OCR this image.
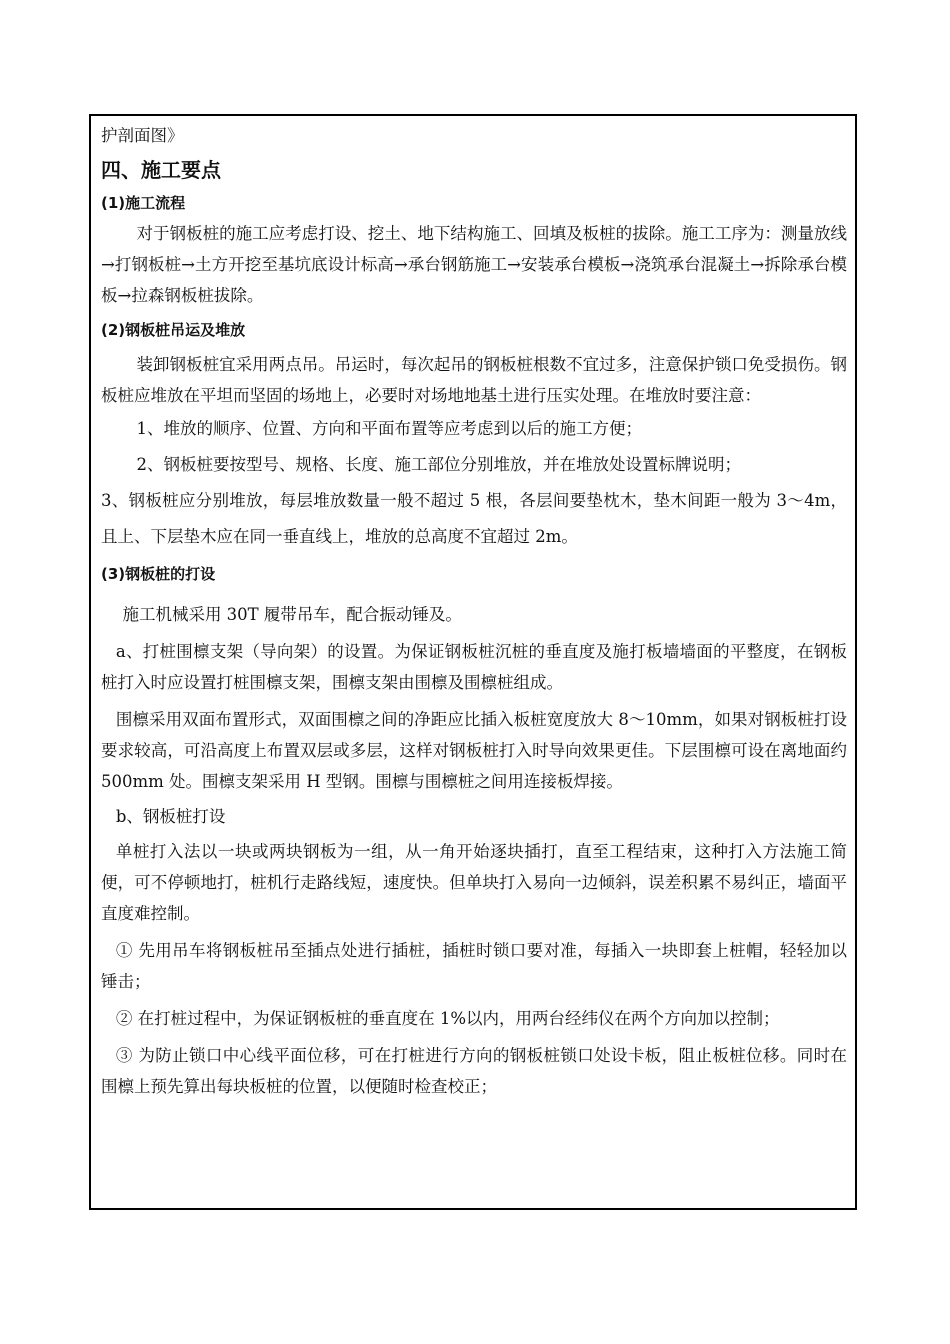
护剖面图》

四、施工要点
(1)施工流程

对于钢板桩的施工应考虑打设、挖土、地下结构施工、回填及板桩的拔除。施工工序为：测量放线→打钢板桩→土方开挖至基坑底设计标高→承台钢筋施工→安装承台模板→浇筑承台混凝土→拆除承台模板→拉森钢板桩拔除。

(2)钢板桩吊运及堆放

装卸钢板桩宜采用两点吊。吊运时，每次起吊的钢板桩根数不宜过多，注意保护锁口免受损伤。钢板桩应堆放在平坦而坚固的场地上，必要时对场地地基土进行压实处理。在堆放时要注意：

1、堆放的顺序、位置、方向和平面布置等应考虑到以后的施工方便；

2、钢板桩要按型号、规格、长度、施工部位分别堆放，并在堆放处设置标牌说明；

3、钢板桩应分别堆放，每层堆放数量一般不超过 5 根，各层间要垫枕木，垫木间距一般为 3～4m，且上、下层垫木应在同一垂直线上，堆放的总高度不宜超过 2m。

(3)钢板桩的打设

施工机械采用 30T 履带吊车，配合振动锤及。

a、打桩围檩支架（导向架）的设置。为保证钢板桩沉桩的垂直度及施打板墙墙面的平整度，在钢板桩打入时应设置打桩围檩支架，围檩支架由围檩及围檩桩组成。

围檩采用双面布置形式，双面围檩之间的净距应比插入板桩宽度放大 8～10mm，如果对钢板桩打设要求较高，可沿高度上布置双层或多层，这样对钢板桩打入时导向效果更佳。下层围檩可设在离地面约 500mm 处。围檩支架采用 H 型钢。围檩与围檩桩之间用连接板焊接。

b、钢板桩打设

单桩打入法以一块或两块钢板为一组，从一角开始逐块插打，直至工程结束，这种打入方法施工简便，可不停顿地打，桩机行走路线短，速度快。但单块打入易向一边倾斜，误差积累不易纠正，墙面平直度难控制。

① 先用吊车将钢板桩吊至插点处进行插桩，插桩时锁口要对准，每插入一块即套上桩帽，轻轻加以锤击；

② 在打桩过程中，为保证钢板桩的垂直度在 1%以内，用两台经纬仪在两个方向加以控制；

③ 为防止锁口中心线平面位移，可在打桩进行方向的钢板桩锁口处设卡板，阻止板桩位移。同时在围檩上预先算出每块板桩的位置，以便随时检查校正；
